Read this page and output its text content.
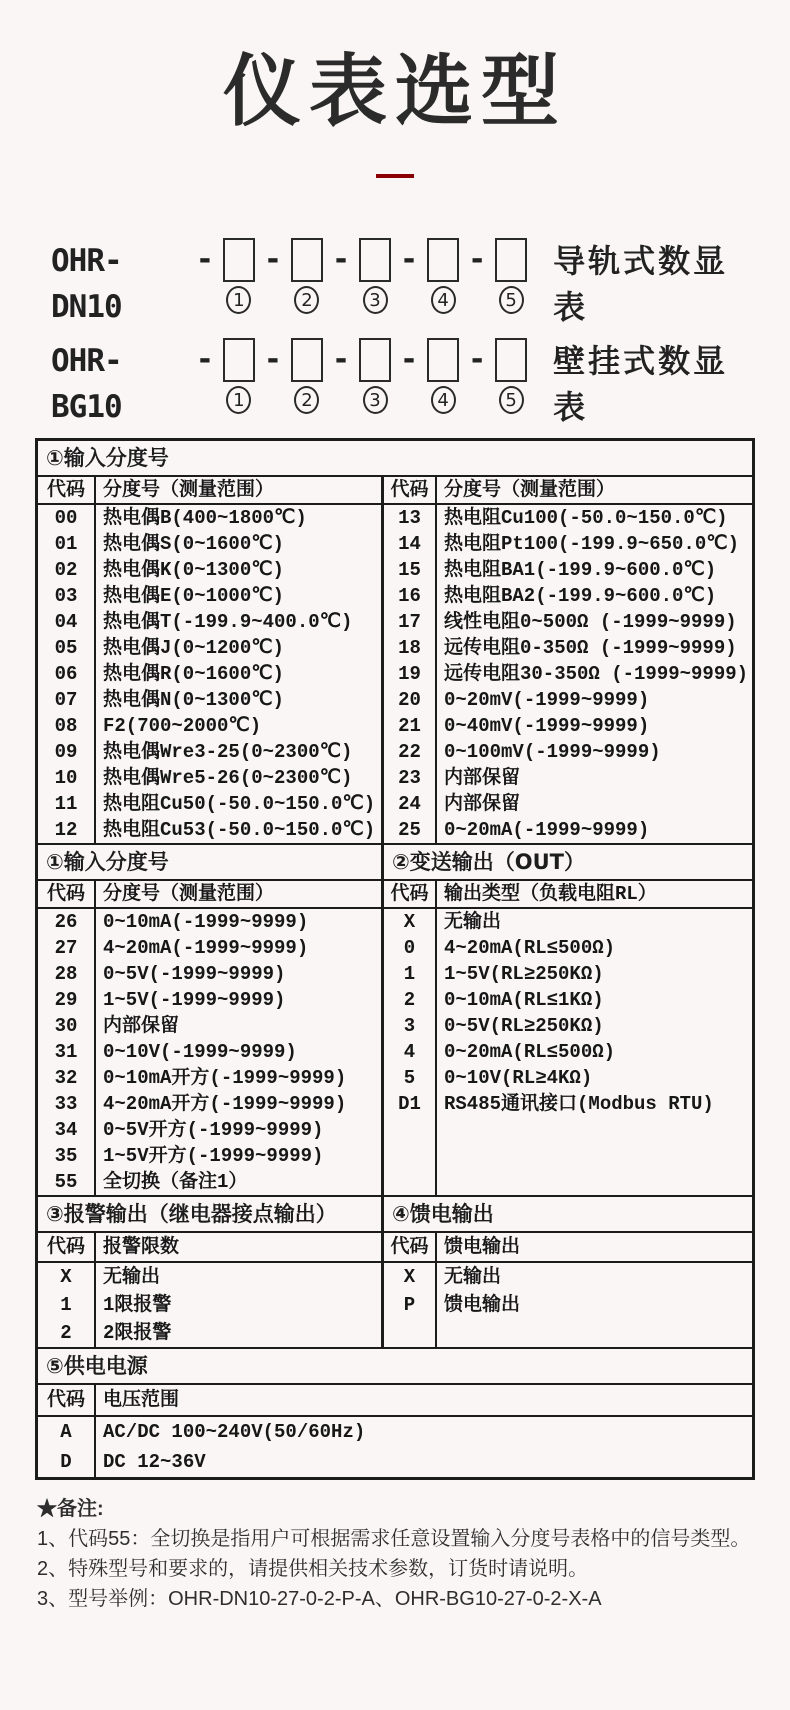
仪表选型
OHR-DN10
-
1
-
2
-
3
-
4
-
5
导轨式数显表
OHR-BG10
-
1
-
2
-
3
-
4
-
5
壁挂式数显表
①输入分度号
代码 分度号（测量范围）	代码 分度号（测量范围）
00	热电偶B(400~1800℃)	13	热电阻Cu100(-50.0~150.0℃)
01	热电偶S(0~1600℃)	14	热电阻Pt100(-199.9~650.0℃)
02	热电偶K(0~1300℃)	15	热电阻BA1(-199.9~600.0℃)
03	热电偶E(0~1000℃)	16	热电阻BA2(-199.9~600.0℃)
04	热电偶T(-199.9~400.0℃)	17	线性电阻0~500Ω (-1999~9999)
05	热电偶J(0~1200℃)	18	远传电阻0-350Ω (-1999~9999)
06	热电偶R(0~1600℃)	19	远传电阻30-350Ω (-1999~9999)
07	热电偶N(0~1300℃)	20	0~20mV(-1999~9999)
08	F2(700~2000℃)	21	0~40mV(-1999~9999)
09	热电偶Wre3-25(0~2300℃)	22	0~100mV(-1999~9999)
10	热电偶Wre5-26(0~2300℃)	23	内部保留
11	热电阻Cu50(-50.0~150.0℃)	24	内部保留
12	热电阻Cu53(-50.0~150.0℃)	25	0~20mA(-1999~9999)
①输入分度号	②变送输出（OUT）
代码 分度号（测量范围）	代码 输出类型（负载电阻RL）
26	0~10mA(-1999~9999)	X	无输出
27	4~20mA(-1999~9999)	0	4~20mA(RL≤500Ω)
28	0~5V(-1999~9999)	1	1~5V(RL≥250KΩ)
29	1~5V(-1999~9999)	2	0~10mA(RL≤1KΩ)
30	内部保留	3	0~5V(RL≥250KΩ)
31	0~10V(-1999~9999)	4	0~20mA(RL≤500Ω)
32	0~10mA开方(-1999~9999)	5	0~10V(RL≥4KΩ)
33	4~20mA开方(-1999~9999)	D1	RS485通讯接口(Modbus RTU)
34	0~5V开方(-1999~9999)
35	1~5V开方(-1999~9999)
55	全切换（备注1）
③报警输出（继电器接点输出）	④馈电输出
代码 报警限数	代码 馈电输出
X	无输出	X	无输出
1	1限报警	P	馈电输出
2	2限报警
⑤供电电源
代码 电压范围
A	AC/DC 100~240V(50/60Hz)
D	DC 12~36V
★备注:
1、代码55：全切换是指用户可根据需求任意设置输入分度号表格中的信号类型。
2、特殊型号和要求的，请提供相关技术参数，订货时请说明。
3、型号举例：OHR-DN10-27-0-2-P-A、OHR-BG10-27-0-2-X-A
